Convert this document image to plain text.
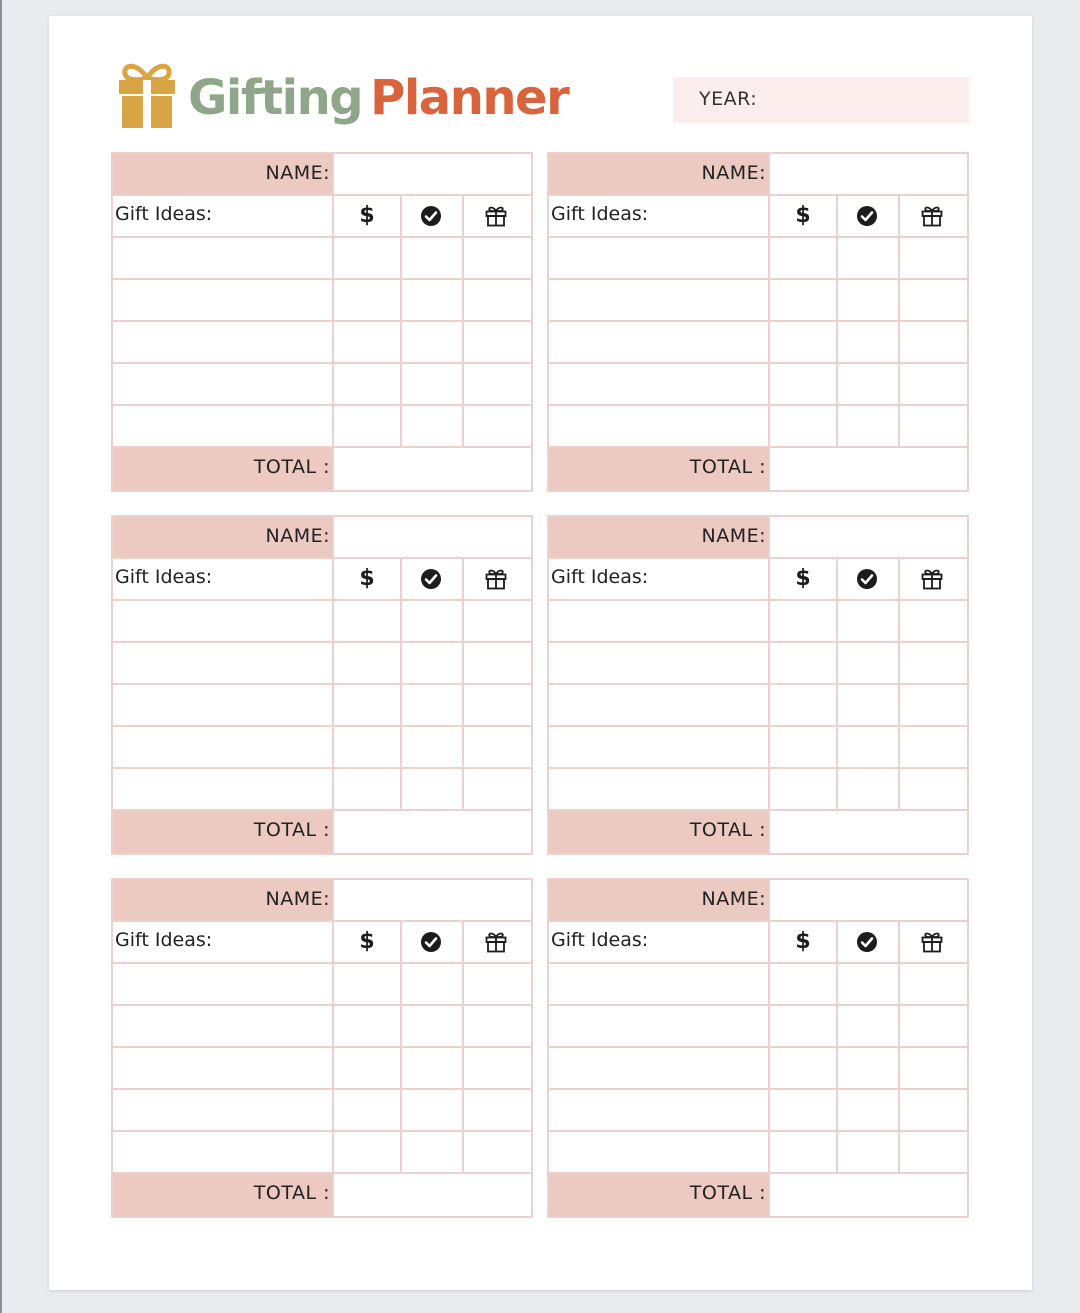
Gifting Planner	YEAR:
NAME:
Gift Ideas:	$
TOTAL :
NAME:
Gift Ideas:	$
TOTAL :
NAME:
Gift Ideas:	$
TOTAL :
NAME:
Gift Ideas:	$
TOTAL :
NAME:
Gift Ideas:	$
TOTAL :
NAME:
Gift Ideas:	$
TOTAL :
